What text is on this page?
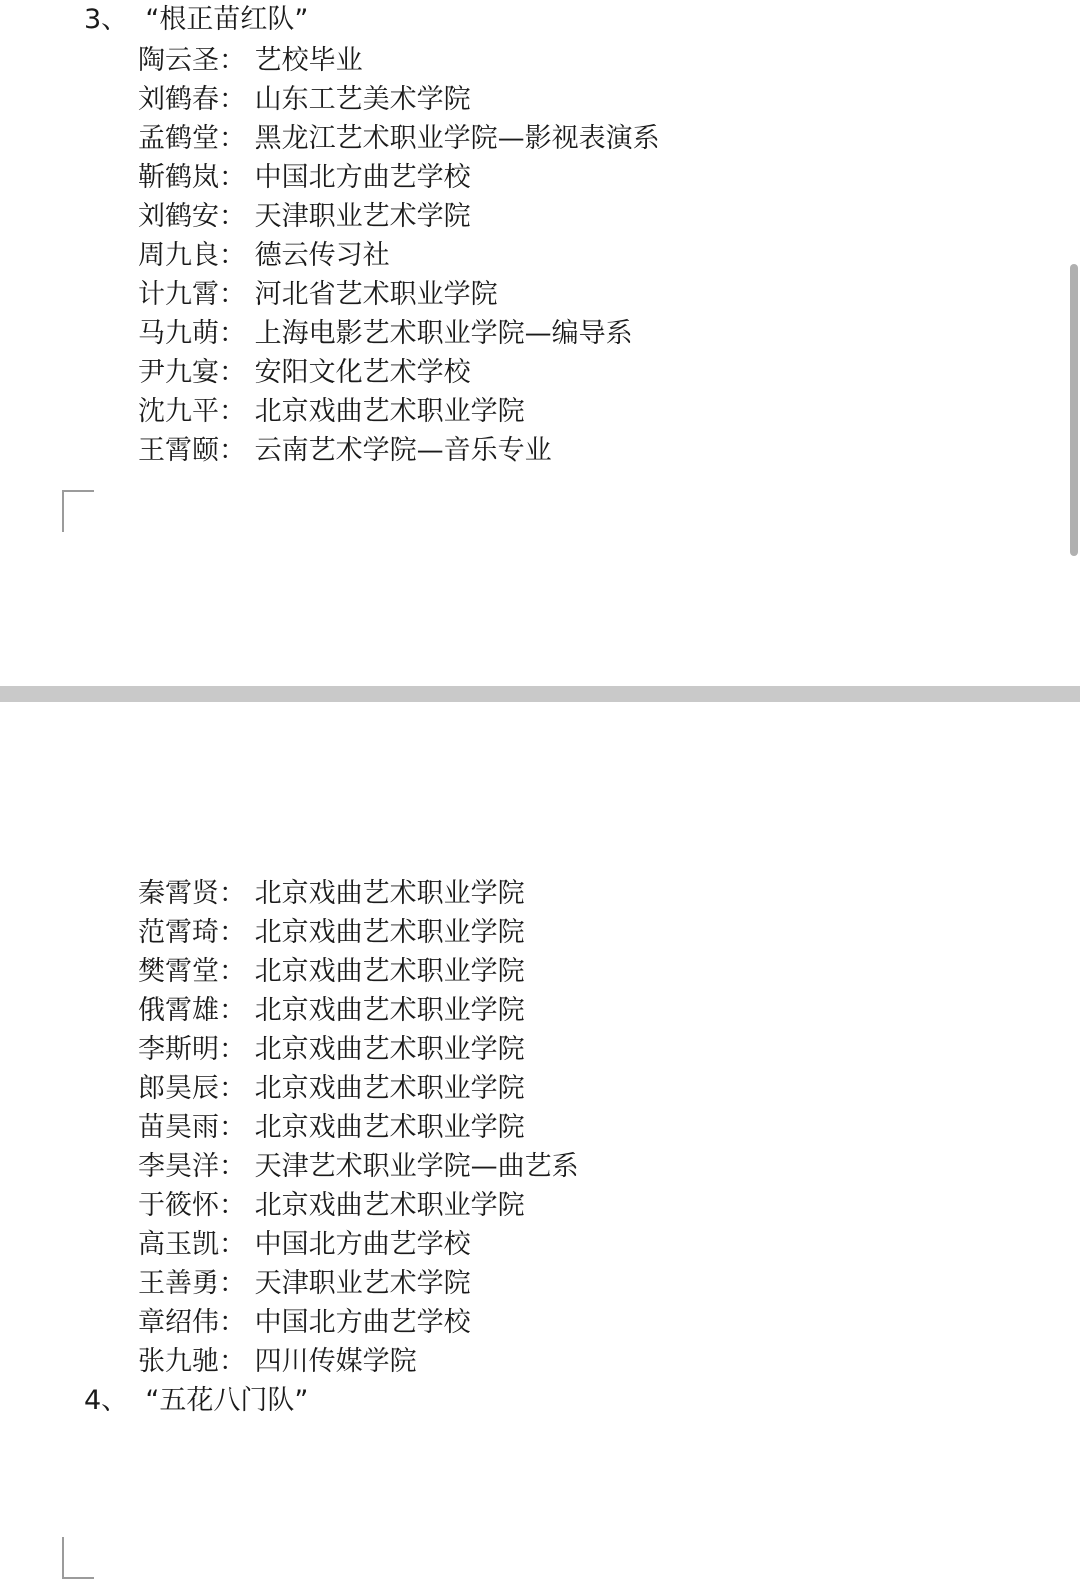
3、  “根正苗红队”
陶云圣： 艺校毕业
刘鹤春： 山东工艺美术学院
孟鹤堂： 黑龙江艺术职业学院—影视表演系
靳鹤岚： 中国北方曲艺学校
刘鹤安： 天津职业艺术学院
周九良： 德云传习社
计九霄： 河北省艺术职业学院
马九萌： 上海电影艺术职业学院—编导系
尹九宴： 安阳文化艺术学校
沈九平： 北京戏曲艺术职业学院
王霄颐： 云南艺术学院—音乐专业
秦霄贤： 北京戏曲艺术职业学院
范霄琦： 北京戏曲艺术职业学院
樊霄堂： 北京戏曲艺术职业学院
俄霄雄： 北京戏曲艺术职业学院
李斯明： 北京戏曲艺术职业学院
郎昊辰： 北京戏曲艺术职业学院
苗昊雨： 北京戏曲艺术职业学院
李昊洋： 天津艺术职业学院—曲艺系
于筱怀： 北京戏曲艺术职业学院
高玉凯： 中国北方曲艺学校
王善勇： 天津职业艺术学院
章绍伟： 中国北方曲艺学校
张九驰： 四川传媒学院
4、  “五花八门队”
